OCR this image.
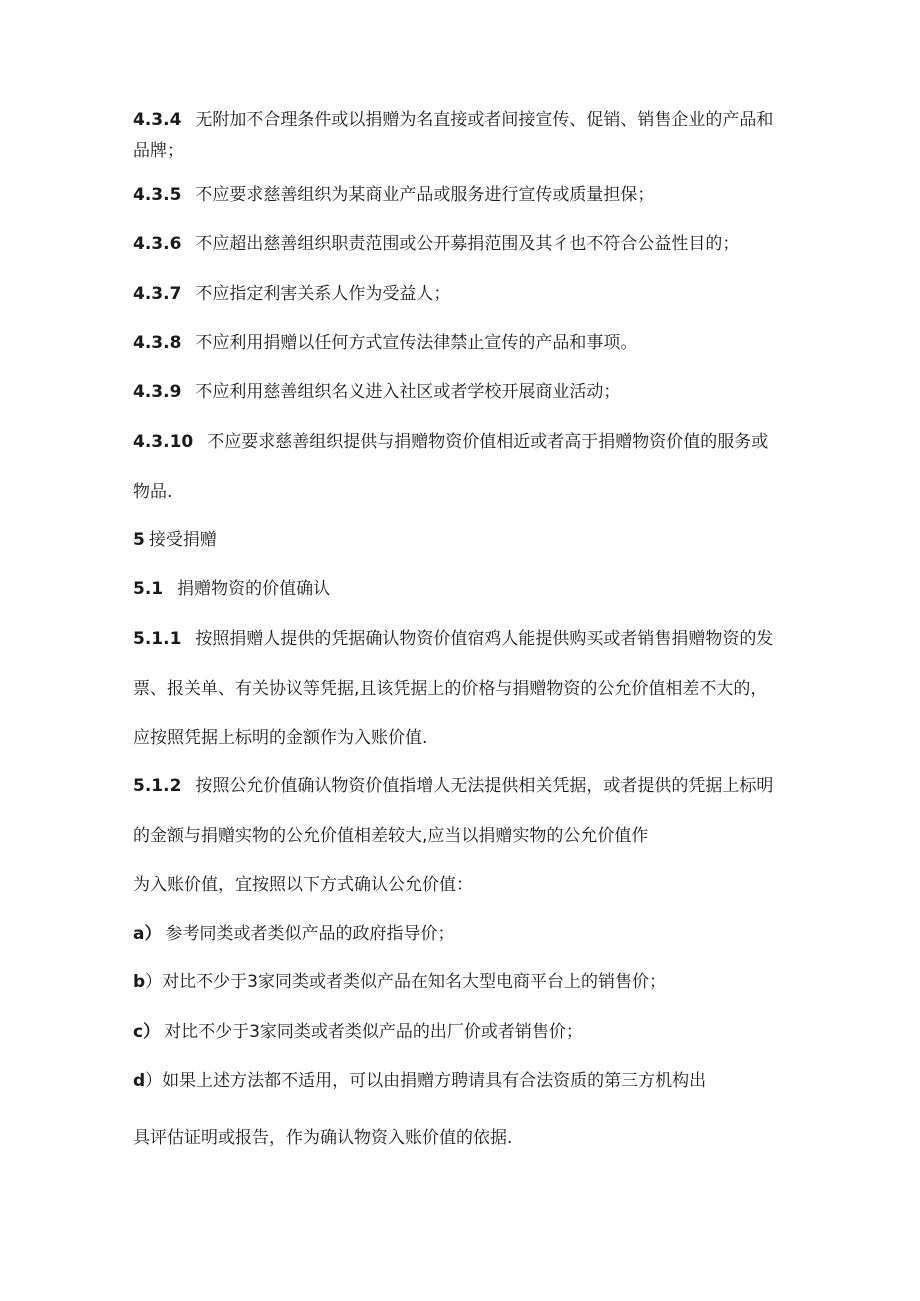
4.3.4 无附加不合理条件或以捐赠为名直接或者间接宣传、促销、销售企业的产品和
品牌；
4.3.5 不应要求慈善组织为某商业产品或服务进行宣传或质量担保；
4.3.6 不应超出慈善组织职责范围或公开募捐范围及其彳也不符合公益性目的；
4.3.7 不应指定利害关系人作为受益人；
4.3.8 不应利用捐赠以任何方式宣传法律禁止宣传的产品和事项。
4.3.9 不应利用慈善组织名义进入社区或者学校开展商业活动；
4.3.10 不应要求慈善组织提供与捐赠物资价值相近或者高于捐赠物资价值的服务或
物品.
5 接受捐赠
5.1 捐赠物资的价值确认
5.1.1 按照捐赠人提供的凭据确认物资价值宿鸡人能提供购买或者销售捐赠物资的发
票、报关单、有关协议等凭据,且该凭据上的价格与捐赠物资的公允价值相差不大的，
应按照凭据上标明的金额作为入账价值.
5.1.2 按照公允价值确认物资价值指增人无法提供相关凭据，或者提供的凭据上标明
的金额与捐赠实物的公允价值相差较大,应当以捐赠实物的公允价值作
为入账价值，宜按照以下方式确认公允价值：
a） 参考同类或者类似产品的政府指导价；
b）对比不少于3家同类或者类似产品在知名大型电商平台上的销售价；
c） 对比不少于3家同类或者类似产品的出厂价或者销售价；
d）如果上述方法都不适用，可以由捐赠方聘请具有合法资质的第三方机构出
具评估证明或报告，作为确认物资入账价值的依据.
